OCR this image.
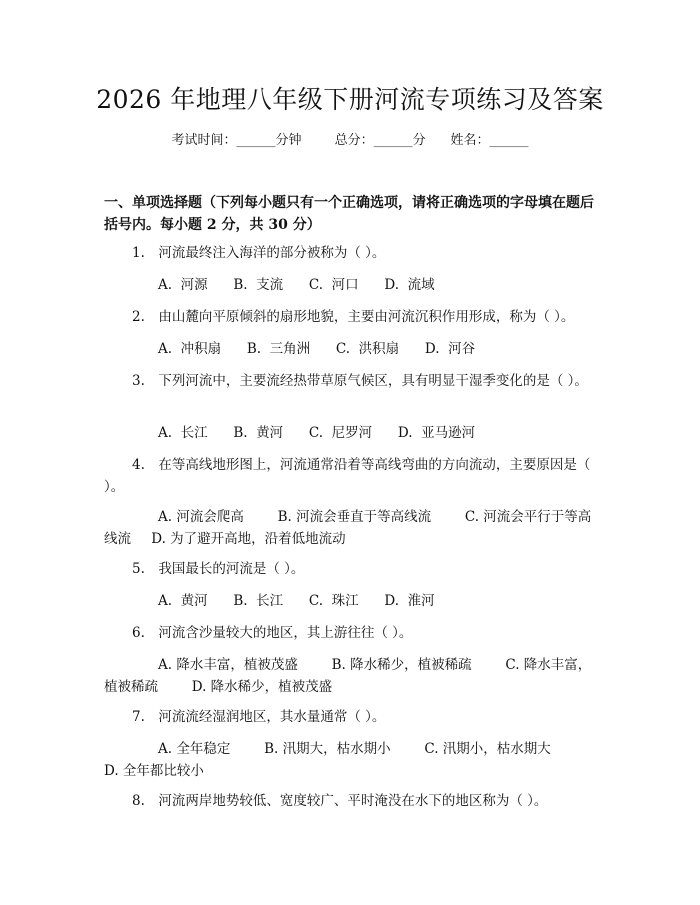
2026 年地理八年级下册河流专项练习及答案
考试时间：______分钟	总分：______分 姓名：______
一、单项选择题（下列每小题只有一个正确选项，请将正确选项的字母填在题后括号内。每小题 2 分，共 30 分）
1.　河流最终注入海洋的部分被称为（ ）。
A.  河源 B.  支流 C.  河口 D.  流域
2.　由山麓向平原倾斜的扇形地貌，主要由河流沉积作用形成，称为（ ）。
A.  冲积扇 B.  三角洲 C.  洪积扇 D.  河谷
3.　下列河流中，主要流经热带草原气候区，具有明显干湿季变化的是（ ）。
A.  长江 B.  黄河 C.  尼罗河 D.  亚马逊河
4.　在等高线地形图上，河流通常沿着等高线弯曲的方向流动，主要原因是（ ）。
A. 河流会爬高   	B. 河流会垂直于等高线流   	C. 河流会平行于等高线流   D. 为了避开高地，沿着低地流动
5.　我国最长的河流是（ ）。
A.  黄河 B.  长江 C.  珠江 D.  淮河
6.　河流含沙量较大的地区，其上游往往（ ）。
A. 降水丰富，植被茂盛   	B. 降水稀少，植被稀疏   	C. 降水丰富，植被稀疏   	D. 降水稀少，植被茂盛
7.　河流流经湿润地区，其水量通常（ ）。
A. 全年稳定   	B. 汛期大，枯水期小   	C. 汛期小，枯水期大   D. 全年都比较小
8.　河流两岸地势较低、宽度较广、平时淹没在水下的地区称为（ ）。
